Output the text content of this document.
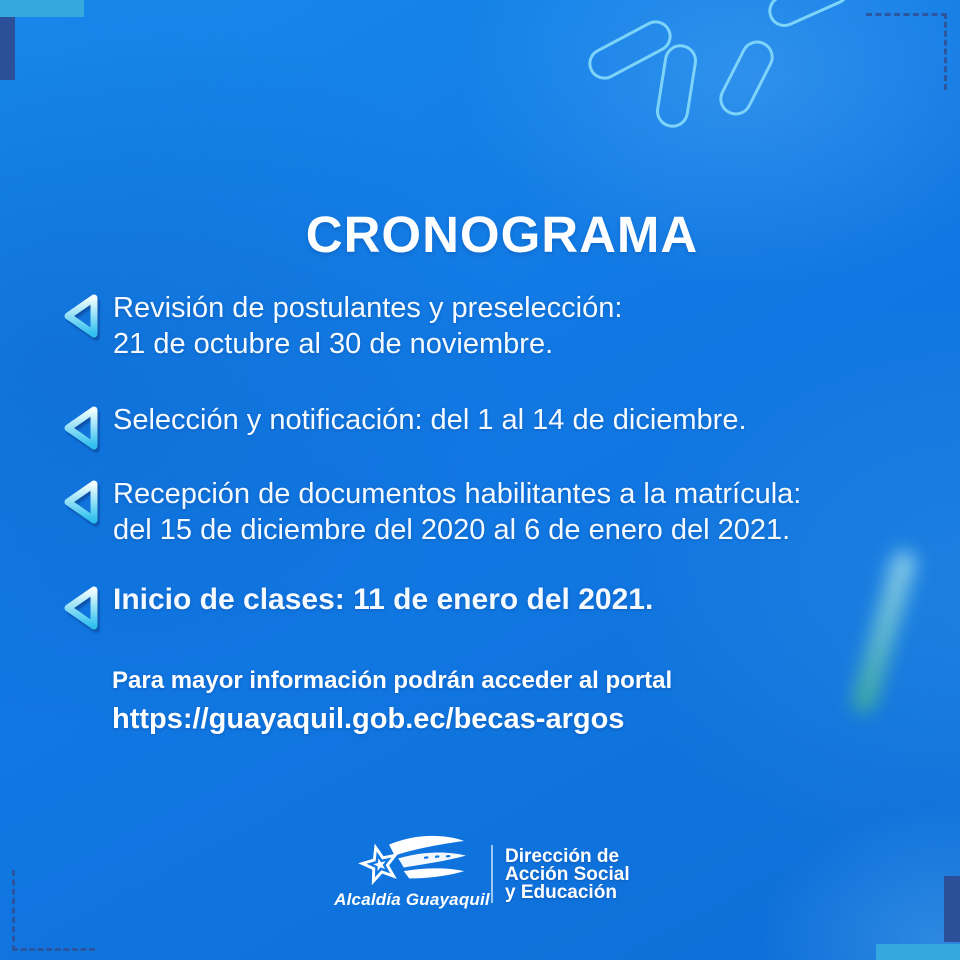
CRONOGRAMA
Revisión de postulantes y preselección:
21 de octubre al 30 de noviembre.
Selección y notificación: del 1 al 14 de diciembre.
Recepción de documentos habilitantes a la matrícula:
del 15 de diciembre del 2020 al 6 de enero del 2021.
Inicio de clases: 11 de enero del 2021.
Para mayor información podrán acceder al portal
https://guayaquil.gob.ec/becas-argos
Alcaldía Guayaquil
Dirección de
Acción Social
y Educación
